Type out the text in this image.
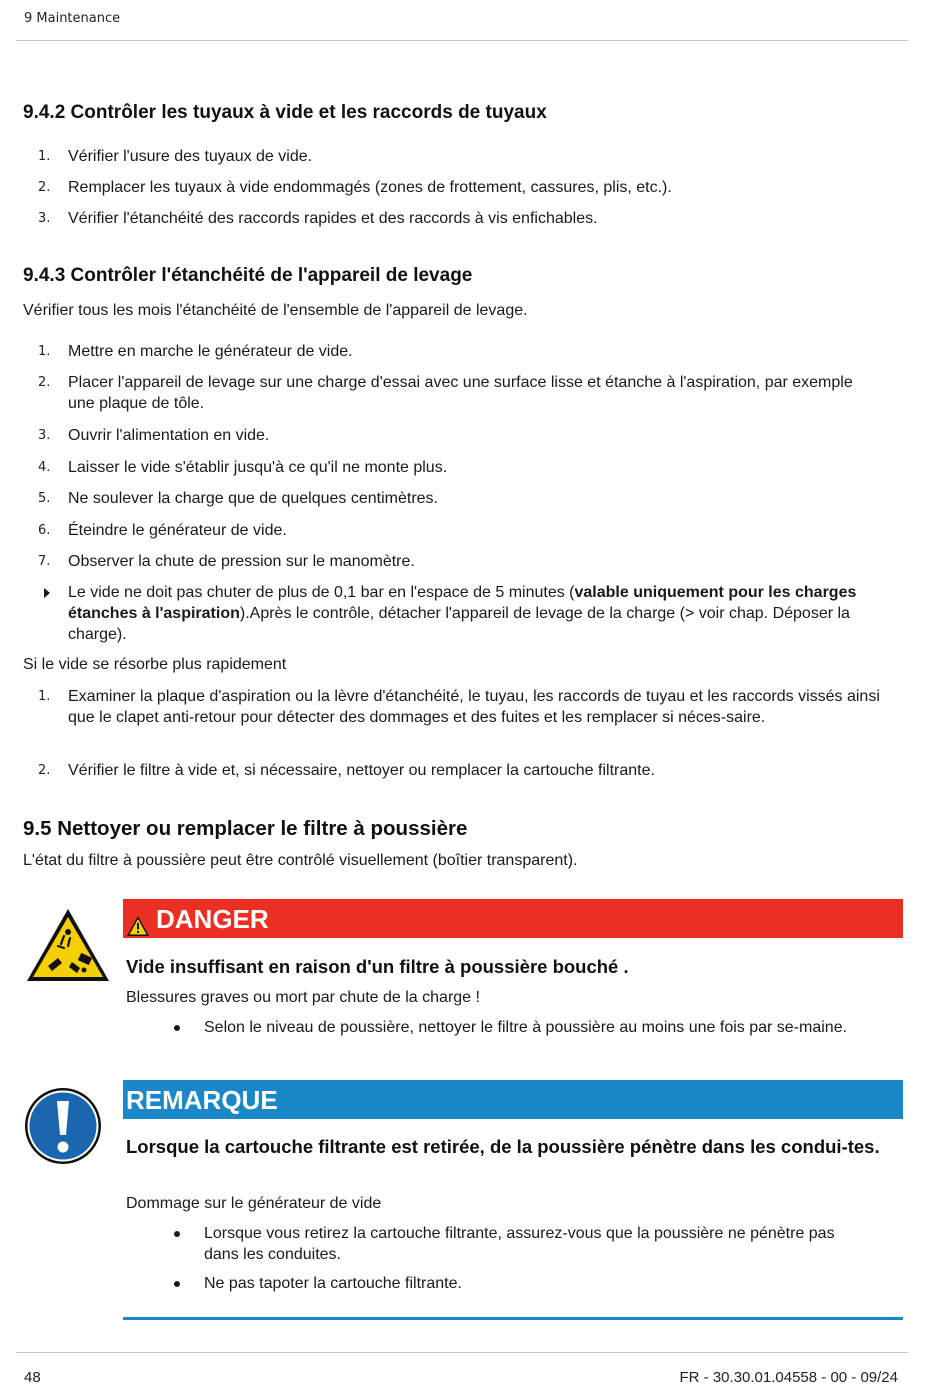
9 Maintenance
9.4.2 Contrôler les tuyaux à vide et les raccords de tuyaux
1. Vérifier l'usure des tuyaux de vide.
2. Remplacer les tuyaux à vide endommagés (zones de frottement, cassures, plis, etc.).
3. Vérifier l'étanchéité des raccords rapides et des raccords à vis enfichables.
9.4.3 Contrôler l'étanchéité de l'appareil de levage

Vérifier tous les mois l'étanchéité de l'ensemble de l'appareil de levage.

1. Mettre en marche le générateur de vide.
2. Placer l'appareil de levage sur une charge d'essai avec une surface lisse et étanche à l'aspiration, par exemple une plaque de tôle.
3. Ouvrir l'alimentation en vide.
4. Laisser le vide s'établir jusqu'à ce qu'il ne monte plus.
5. Ne soulever la charge que de quelques centimètres.
6. Éteindre le générateur de vide.
7. Observer la chute de pression sur le manomètre.
Le vide ne doit pas chuter de plus de 0,1 bar en l'espace de 5 minutes (valable uniquement pour les charges étanches à l'aspiration).Après le contrôle, détacher l'appareil de levage de la charge (> voir chap. Déposer la charge).

Si le vide se résorbe plus rapidement

1. Examiner la plaque d'aspiration ou la lèvre d'étanchéité, le tuyau, les raccords de tuyau et les raccords vissés ainsi que le clapet anti-retour pour détecter des dommages et des fuites et les remplacer si néces-saire.
2. Vérifier le filtre à vide et, si nécessaire, nettoyer ou remplacer la cartouche filtrante.
9.5 Nettoyer ou remplacer le filtre à poussière

L'état du filtre à poussière peut être contrôlé visuellement (boîtier transparent).

DANGER

Vide insuffisant en raison d'un filtre à poussière bouché .

Blessures graves ou mort par chute de la charge !

Selon le niveau de poussière, nettoyer le filtre à poussière au moins une fois par se-maine.
REMARQUE

Lorsque la cartouche filtrante est retirée, de la poussière pénètre dans les condui-tes.

Dommage sur le générateur de vide

Lorsque vous retirez la cartouche filtrante, assurez-vous que la poussière ne pénètre pas dans les conduites.
Ne pas tapoter la cartouche filtrante.
48	FR - 30.30.01.04558 - 00 - 09/24
